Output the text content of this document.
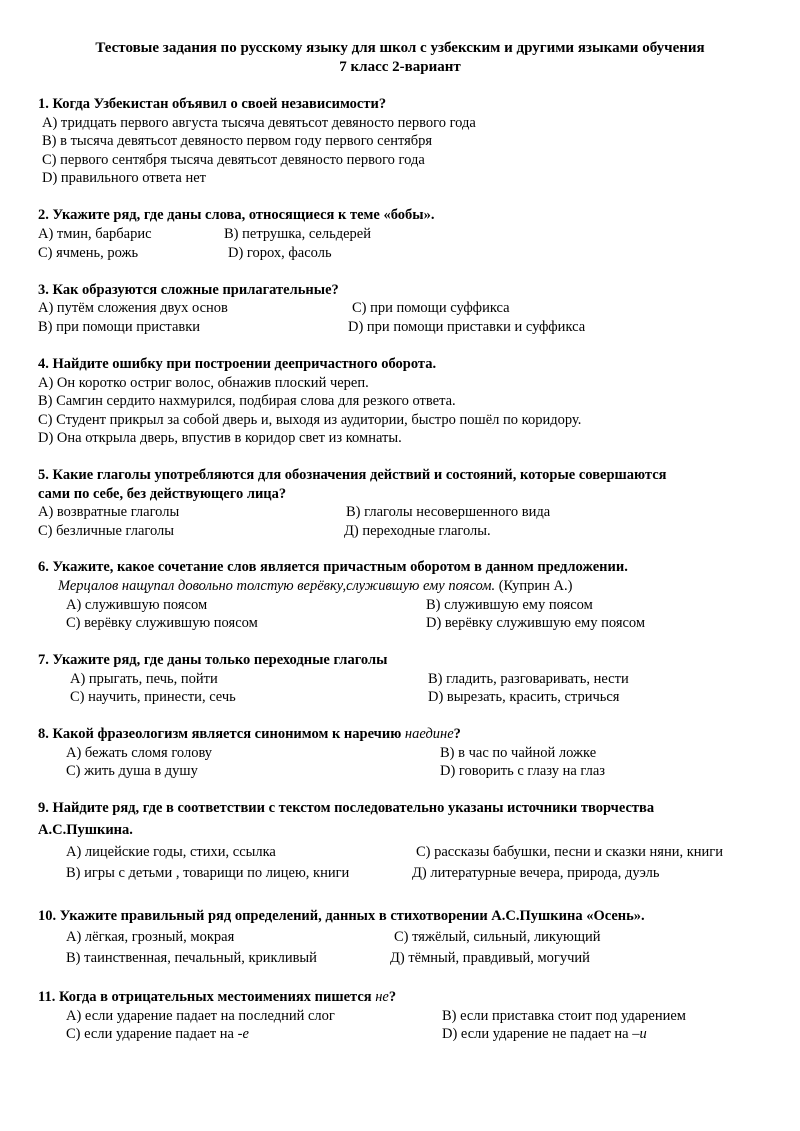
Тестовые задания по русскому языку для школ с узбекским и другими языками обучения
7 класс 2-вариант
1. Когда Узбекистан объявил о своей независимости?
A) тридцать первого августа тысяча девятьсот девяносто первого года
B) в тысяча девятьсот девяносто первом году первого сентября
C) первого сентября тысяча девятьсот девяносто первого года
D) правильного ответа нет
2. Укажите ряд, где даны слова, относящиеся к теме «бобы».
A) тмин, барбарис	B) петрушка, сельдерей
C) ячмень, рожь	D) горох, фасоль
3. Как образуются сложные прилагательные?
A) путём сложения двух основ	C) при помощи суффикса
B) при помощи приставки	D) при помощи приставки и суффикса
4. Найдите ошибку при построении деепричастного оборота.
A) Он коротко остриг волос, обнажив плоский череп.
B) Самгин сердито нахмурился, подбирая слова для резкого ответа.
C) Студент прикрыл за собой дверь и, выходя из аудитории, быстро пошёл по коридору.
D) Она открыла дверь, впустив в коридор свет из комнаты.
5. Какие глаголы употребляются для обозначения действий и состояний, которые совершаются
сами по себе, без действующего лица?
A) возвратные глаголы	B) глаголы несовершенного вида
C) безличные глаголы	Д) переходные глаголы.
6. Укажите, какое сочетание слов является причастным оборотом в данном предложении.
Мерцалов нащупал довольно толстую верёвку,служившую ему поясом. (Куприн А.)
A) служившую поясом	B) служившую ему поясом
C) верёвку служившую поясом	D) верёвку служившую ему поясом
7. Укажите ряд, где даны только переходные глаголы
A) прыгать, печь, пойти	B) гладить, разговаривать, нести
C) научить, принести, сечь	D) вырезать, красить, стричься
8. Какой фразеологизм является синонимом к наречию наедине?
A) бежать сломя голову	B) в час по чайной ложке
C) жить душа в душу	D) говорить с глазу на глаз
9. Найдите ряд, где в соответствии с текстом последовательно указаны источники творчества
А.С.Пушкина.
A) лицейские годы, стихи, ссылка	C) рассказы бабушки, песни и сказки няни, книги
B) игры с детьми , товарищи по лицею, книги	Д) литературные вечера, природа, дуэль
10. Укажите правильный ряд определений, данных в стихотворении А.С.Пушкина «Осень».
A) лёгкая, грозный, мокрая	C) тяжёлый, сильный, ликующий
B) таинственная, печальный, крикливый	Д) тёмный, правдивый, могучий
11. Когда в отрицательных местоимениях пишется не?
A) если ударение падает на последний слог	B) если приставка стоит под ударением
C) если ударение падает на -е	D) если ударение не падает на –и
